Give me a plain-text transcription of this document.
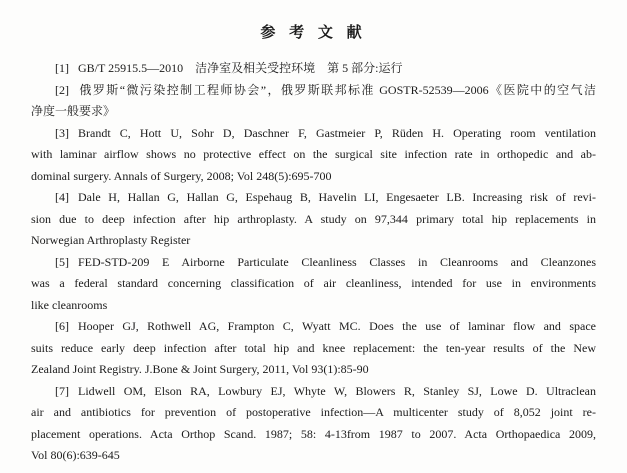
参 考 文 献
[1] GB/T 25915.5—2010　洁净室及相关受控环境　第 5 部分:运行
[2] 俄罗斯“微污染控制工程师协会”，俄罗斯联邦标准 GOSTR-52539—2006《医院中的空气洁
净度一般要求》
[3] Brandt C, Hott U, Sohr D, Daschner F, Gastmeier P, Rüden H. Operating room ventilation
with laminar airflow shows no protective effect on the surgical site infection rate in orthopedic and ab-
dominal surgery. Annals of Surgery, 2008; Vol 248(5):695-700
[4] Dale H, Hallan G, Hallan G, Espehaug B, Havelin LI, Engesaeter LB. Increasing risk of revi-
sion due to deep infection after hip arthroplasty. A study on 97,344 primary total hip replacements in
Norwegian Arthroplasty Register
[5] FED-STD-209 E Airborne Particulate Cleanliness Classes in Cleanrooms and Cleanzones
was a federal standard concerning classification of air cleanliness, intended for use in environments
like cleanrooms
[6] Hooper GJ, Rothwell AG, Frampton C, Wyatt MC. Does the use of laminar flow and space
suits reduce early deep infection after total hip and knee replacement: the ten-year results of the New
Zealand Joint Registry. J.Bone & Joint Surgery, 2011, Vol 93(1):85-90
[7] Lidwell OM, Elson RA, Lowbury EJ, Whyte W, Blowers R, Stanley SJ, Lowe D. Ultraclean
air and antibiotics for prevention of postoperative infection—A multicenter study of 8,052 joint re-
placement operations. Acta Orthop Scand. 1987; 58: 4-13from 1987 to 2007. Acta Orthopaedica 2009,
Vol 80(6):639-645
